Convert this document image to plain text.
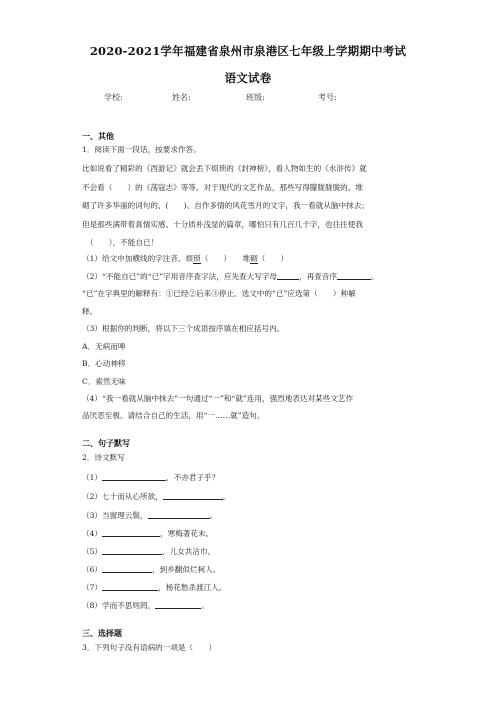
2020-2021学年福建省泉州市泉港区七年级上学期期中考试
语文试卷
学校:	姓名:	班级:	考号:
一、其他
1．阅读下面一段话，按要求作答。
比如说看了精彩的《西游记》就会丢下烦琐的《封神榜》，看人物如生的《水浒传》就
不会看（　　）的《荡寇志》等等。对于现代的文艺作品，那些写得朦胧胧胧的、堆
砌了许多华丽的词句的、(　　)、自作多情的风花雪月的文字，我一看就从脑中抹去；
但是那些满带着真情实感、十分质朴浅显的篇章，哪怕只有几百几千字，也往往使我
（　　），不能自已！
（1）给文中加横线的字注音。烦琐（　　）　　堆砌（　　）
（2）“不能自已”的“已”字用音序查字法，应先查大写字母	，再查音序	。
“已”在字典里的解释有：①已经②后来③停止。选文中的“已”应选第（　　）种解
释。
（3）根据你的判断，将以下三个成语按序填在相应括号内。
A．无病而呻
B．心动神移
C．索然无味
（4）“我一看就从脑中抹去”一句通过“一”和“就”连用，强烈地表达对某些文艺作
品厌恶至极。请结合自己的生活，用“一……就”造句。
二、句子默写
2．诗文默写
（1）	，不亦君子乎？
（2）七十而从心所欲，	。
（3）当窗理云鬓，	。
（4）	，寒梅著花未。
（5）	，儿女共沾巾。
（6）	，到乡翻似烂柯人。
（7）	，杨花愁杀渡江人。
（8）学而不思则罔，	。
三、选择题
3．下列句子没有语病的一项是（　　）
